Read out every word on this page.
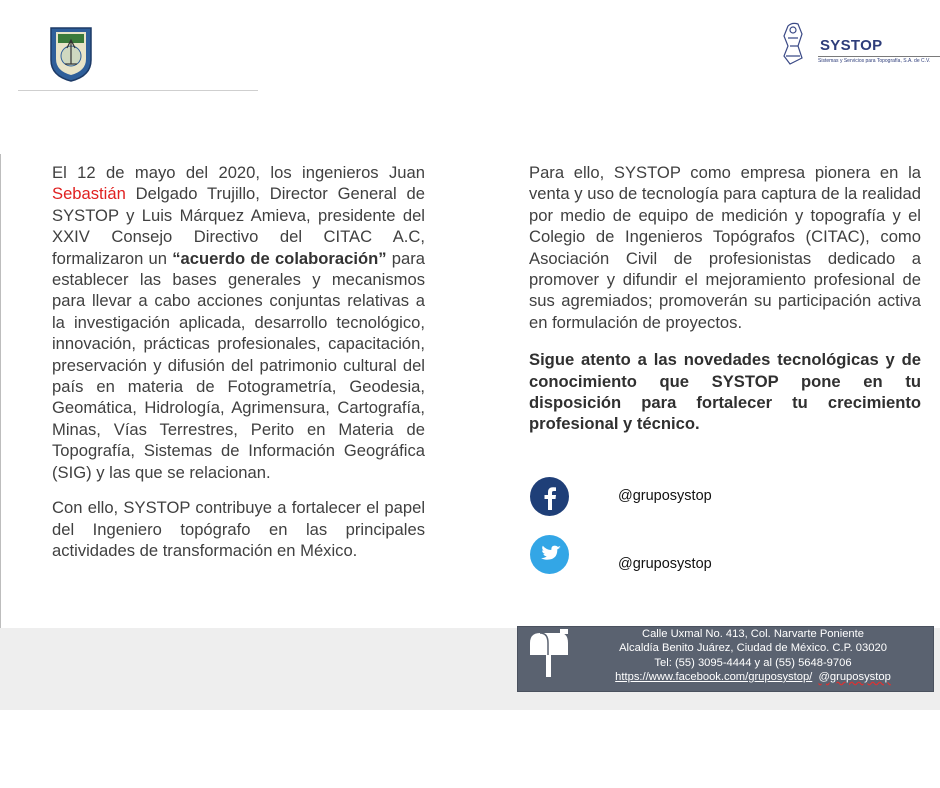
SYSTOP
Sistemas y Servicios para Topografía, S.A. de C.V.

El 12 de mayo del 2020, los ingenieros Juan Sebastián Delgado Trujillo, Director General de SYSTOP y Luis Márquez Amieva, presidente del XXIV Consejo Directivo del CITAC A.C, formalizaron un “acuerdo de colaboración” para establecer las bases generales y mecanismos para llevar a cabo acciones conjuntas relativas a la investigación aplicada, desarrollo tecnológico, innovación, prácticas profesionales, capacitación, preservación y difusión del patrimonio cultural del país en materia de Fotogrametría, Geodesia, Geomática, Hidrología, Agrimensura, Cartografía, Minas, Vías Terrestres, Perito en Materia de Topografía, Sistemas de Información Geográfica (SIG) y las que se relacionan.

Con ello, SYSTOP contribuye a fortalecer el papel del Ingeniero topógrafo en las principales actividades de transformación en México.

Para ello, SYSTOP como empresa pionera en la venta y uso de tecnología para captura de la realidad por medio de equipo de medición y topografía y el Colegio de Ingenieros Topógrafos (CITAC), como Asociación Civil de profesionistas dedicado a promover y difundir el mejoramiento profesional de sus agremiados; promoverán su participación activa en formulación de proyectos.

Sigue atento a las novedades tecnológicas y de conocimiento que SYSTOP pone en tu disposición para fortalecer tu crecimiento profesional y técnico.

@gruposystop
@gruposystop
Calle Uxmal No. 413, Col. Narvarte Poniente
Alcaldía Benito Juárez, Ciudad de México. C.P. 03020
Tel: (55) 3095-4444 y al (55) 5648-9706
https://www.facebook.com/gruposystop/ @gruposystop
